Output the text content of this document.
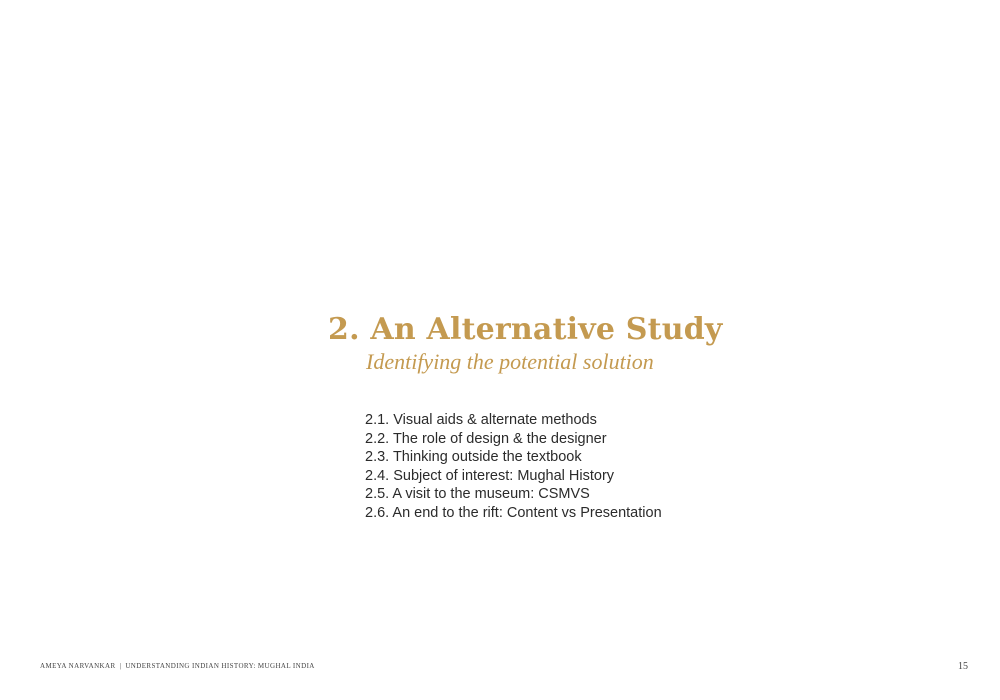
2. An Alternative Study

Identifying the potential solution

2.1. Visual aids & alternate methods
2.2. The role of design & the designer
2.3. Thinking outside the textbook
2.4. Subject of interest: Mughal History
2.5. A visit to the museum: CSMVS
2.6. An end to the rift: Content vs Presentation
AMEYA NARVANKAR | UNDERSTANDING INDIAN HISTORY: MUGHAL INDIA	15
